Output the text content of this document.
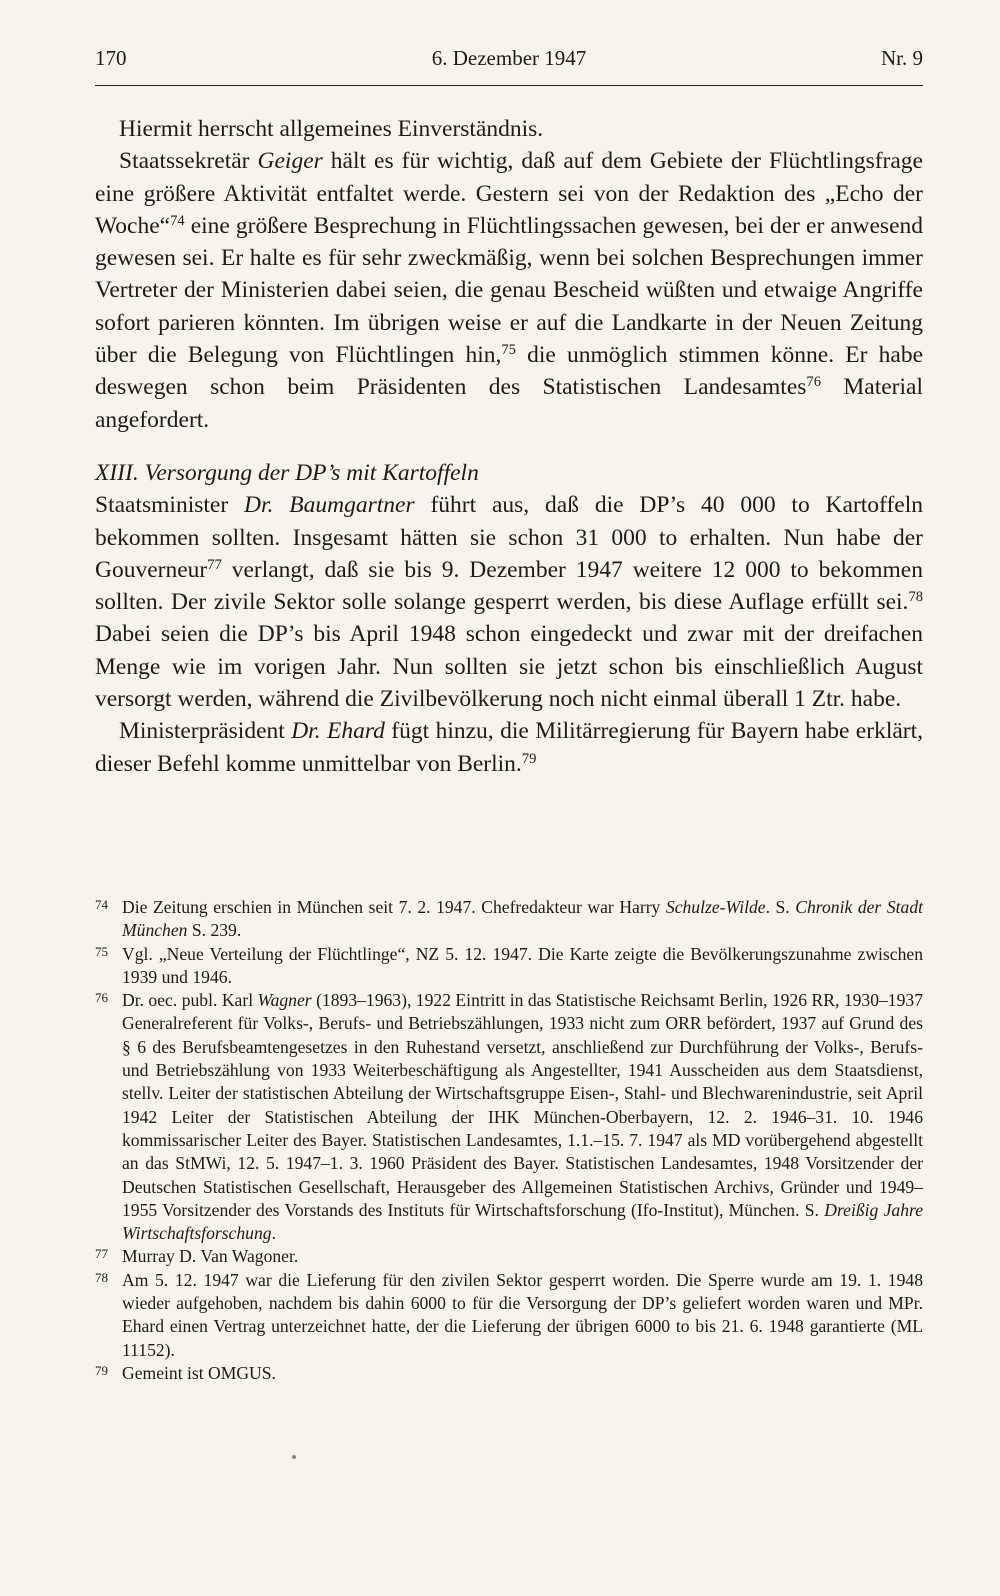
170	6. Dezember 1947	Nr. 9

Hiermit herrscht allgemeines Einverständnis.

Staatssekretär Geiger hält es für wichtig, daß auf dem Gebiete der Flüchtlingsfrage eine größere Aktivität entfaltet werde. Gestern sei von der Redaktion des „Echo der Woche“$^{74}$ eine größere Besprechung in Flüchtlingssachen gewesen, bei der er anwesend gewesen sei. Er halte es für sehr zweckmäßig, wenn bei solchen Besprechungen immer Vertreter der Ministerien dabei seien, die genau Bescheid wüßten und etwaige Angriffe sofort parieren könnten. Im übrigen weise er auf die Landkarte in der Neuen Zeitung über die Belegung von Flüchtlingen hin,$^{75}$ die unmöglich stimmen könne. Er habe deswegen schon beim Präsidenten des Statistischen Landesamtes$^{76}$ Material angefordert.

XIII. Versorgung der DP’s mit Kartoffeln

Staatsminister Dr. Baumgartner führt aus, daß die DP’s 40 000 to Kartoffeln bekommen sollten. Insgesamt hätten sie schon 31 000 to erhalten. Nun habe der Gouverneur$^{77}$ verlangt, daß sie bis 9. Dezember 1947 weitere 12 000 to bekommen sollten. Der zivile Sektor solle solange gesperrt werden, bis diese Auflage erfüllt sei.$^{78}$ Dabei seien die DP’s bis April 1948 schon eingedeckt und zwar mit der dreifachen Menge wie im vorigen Jahr. Nun sollten sie jetzt schon bis einschließlich August versorgt werden, während die Zivilbevölkerung noch nicht einmal überall 1 Ztr. habe.

Ministerpräsident Dr. Ehard fügt hinzu, die Militärregierung für Bayern habe erklärt, dieser Befehl komme unmittelbar von Berlin.$^{79}$

74 Die Zeitung erschien in München seit 7. 2. 1947. Chefredakteur war Harry Schulze-Wilde. S. Chronik der Stadt München S. 239.

75 Vgl. „Neue Verteilung der Flüchtlinge“, NZ 5. 12. 1947. Die Karte zeigte die Bevölkerungszunahme zwischen 1939 und 1946.

76 Dr. oec. publ. Karl Wagner (1893–1963), 1922 Eintritt in das Statistische Reichsamt Berlin, 1926 RR, 1930–1937 Generalreferent für Volks-, Berufs- und Betriebszählungen, 1933 nicht zum ORR befördert, 1937 auf Grund des § 6 des Berufsbeamtengesetzes in den Ruhestand versetzt, anschließend zur Durchführung der Volks-, Berufs- und Betriebszählung von 1933 Weiterbeschäftigung als Angestellter, 1941 Ausscheiden aus dem Staatsdienst, stellv. Leiter der statistischen Abteilung der Wirtschaftsgruppe Eisen-, Stahl- und Blechwarenindustrie, seit April 1942 Leiter der Statistischen Abteilung der IHK München-Oberbayern, 12. 2. 1946–31. 10. 1946 kommissarischer Leiter des Bayer. Statistischen Landesamtes, 1.1.–15. 7. 1947 als MD vorübergehend abgestellt an das StMWi, 12. 5. 1947–1. 3. 1960 Präsident des Bayer. Statistischen Landesamtes, 1948 Vorsitzender der Deutschen Statistischen Gesellschaft, Herausgeber des Allgemeinen Statistischen Archivs, Gründer und 1949–1955 Vorsitzender des Vorstands des Instituts für Wirtschaftsforschung (Ifo-Institut), München. S. Dreißig Jahre Wirtschaftsforschung.

77 Murray D. Van Wagoner.

78 Am 5. 12. 1947 war die Lieferung für den zivilen Sektor gesperrt worden. Die Sperre wurde am 19. 1. 1948 wieder aufgehoben, nachdem bis dahin 6000 to für die Versorgung der DP’s geliefert worden waren und MPr. Ehard einen Vertrag unterzeichnet hatte, der die Lieferung der übrigen 6000 to bis 21. 6. 1948 garantierte (ML 11152).

79 Gemeint ist OMGUS.
